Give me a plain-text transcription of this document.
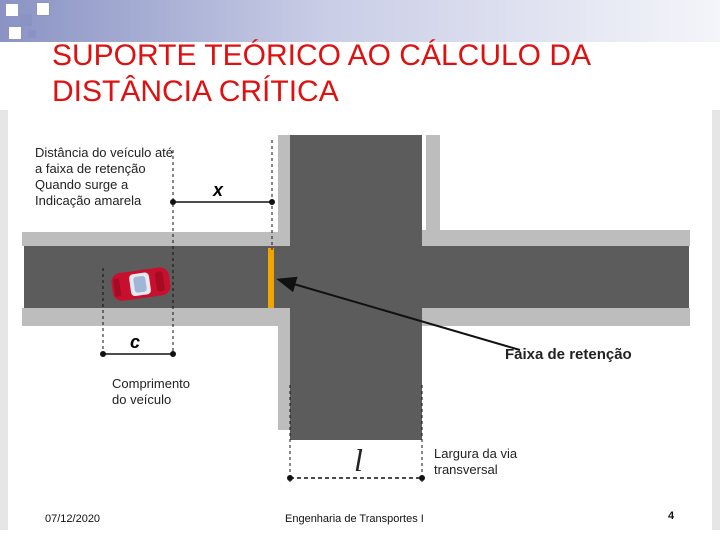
SUPORTE TEÓRICO AO CÁLCULO DA DISTÂNCIA CRÍTICA
Distância do veículo até a faixa de retenção Quando surge a Indicação amarela
x
c
Comprimento do veículo
Faixa de retenção
l	Largura da via transversal
07/12/2020	Engenharia de Transportes I	4
